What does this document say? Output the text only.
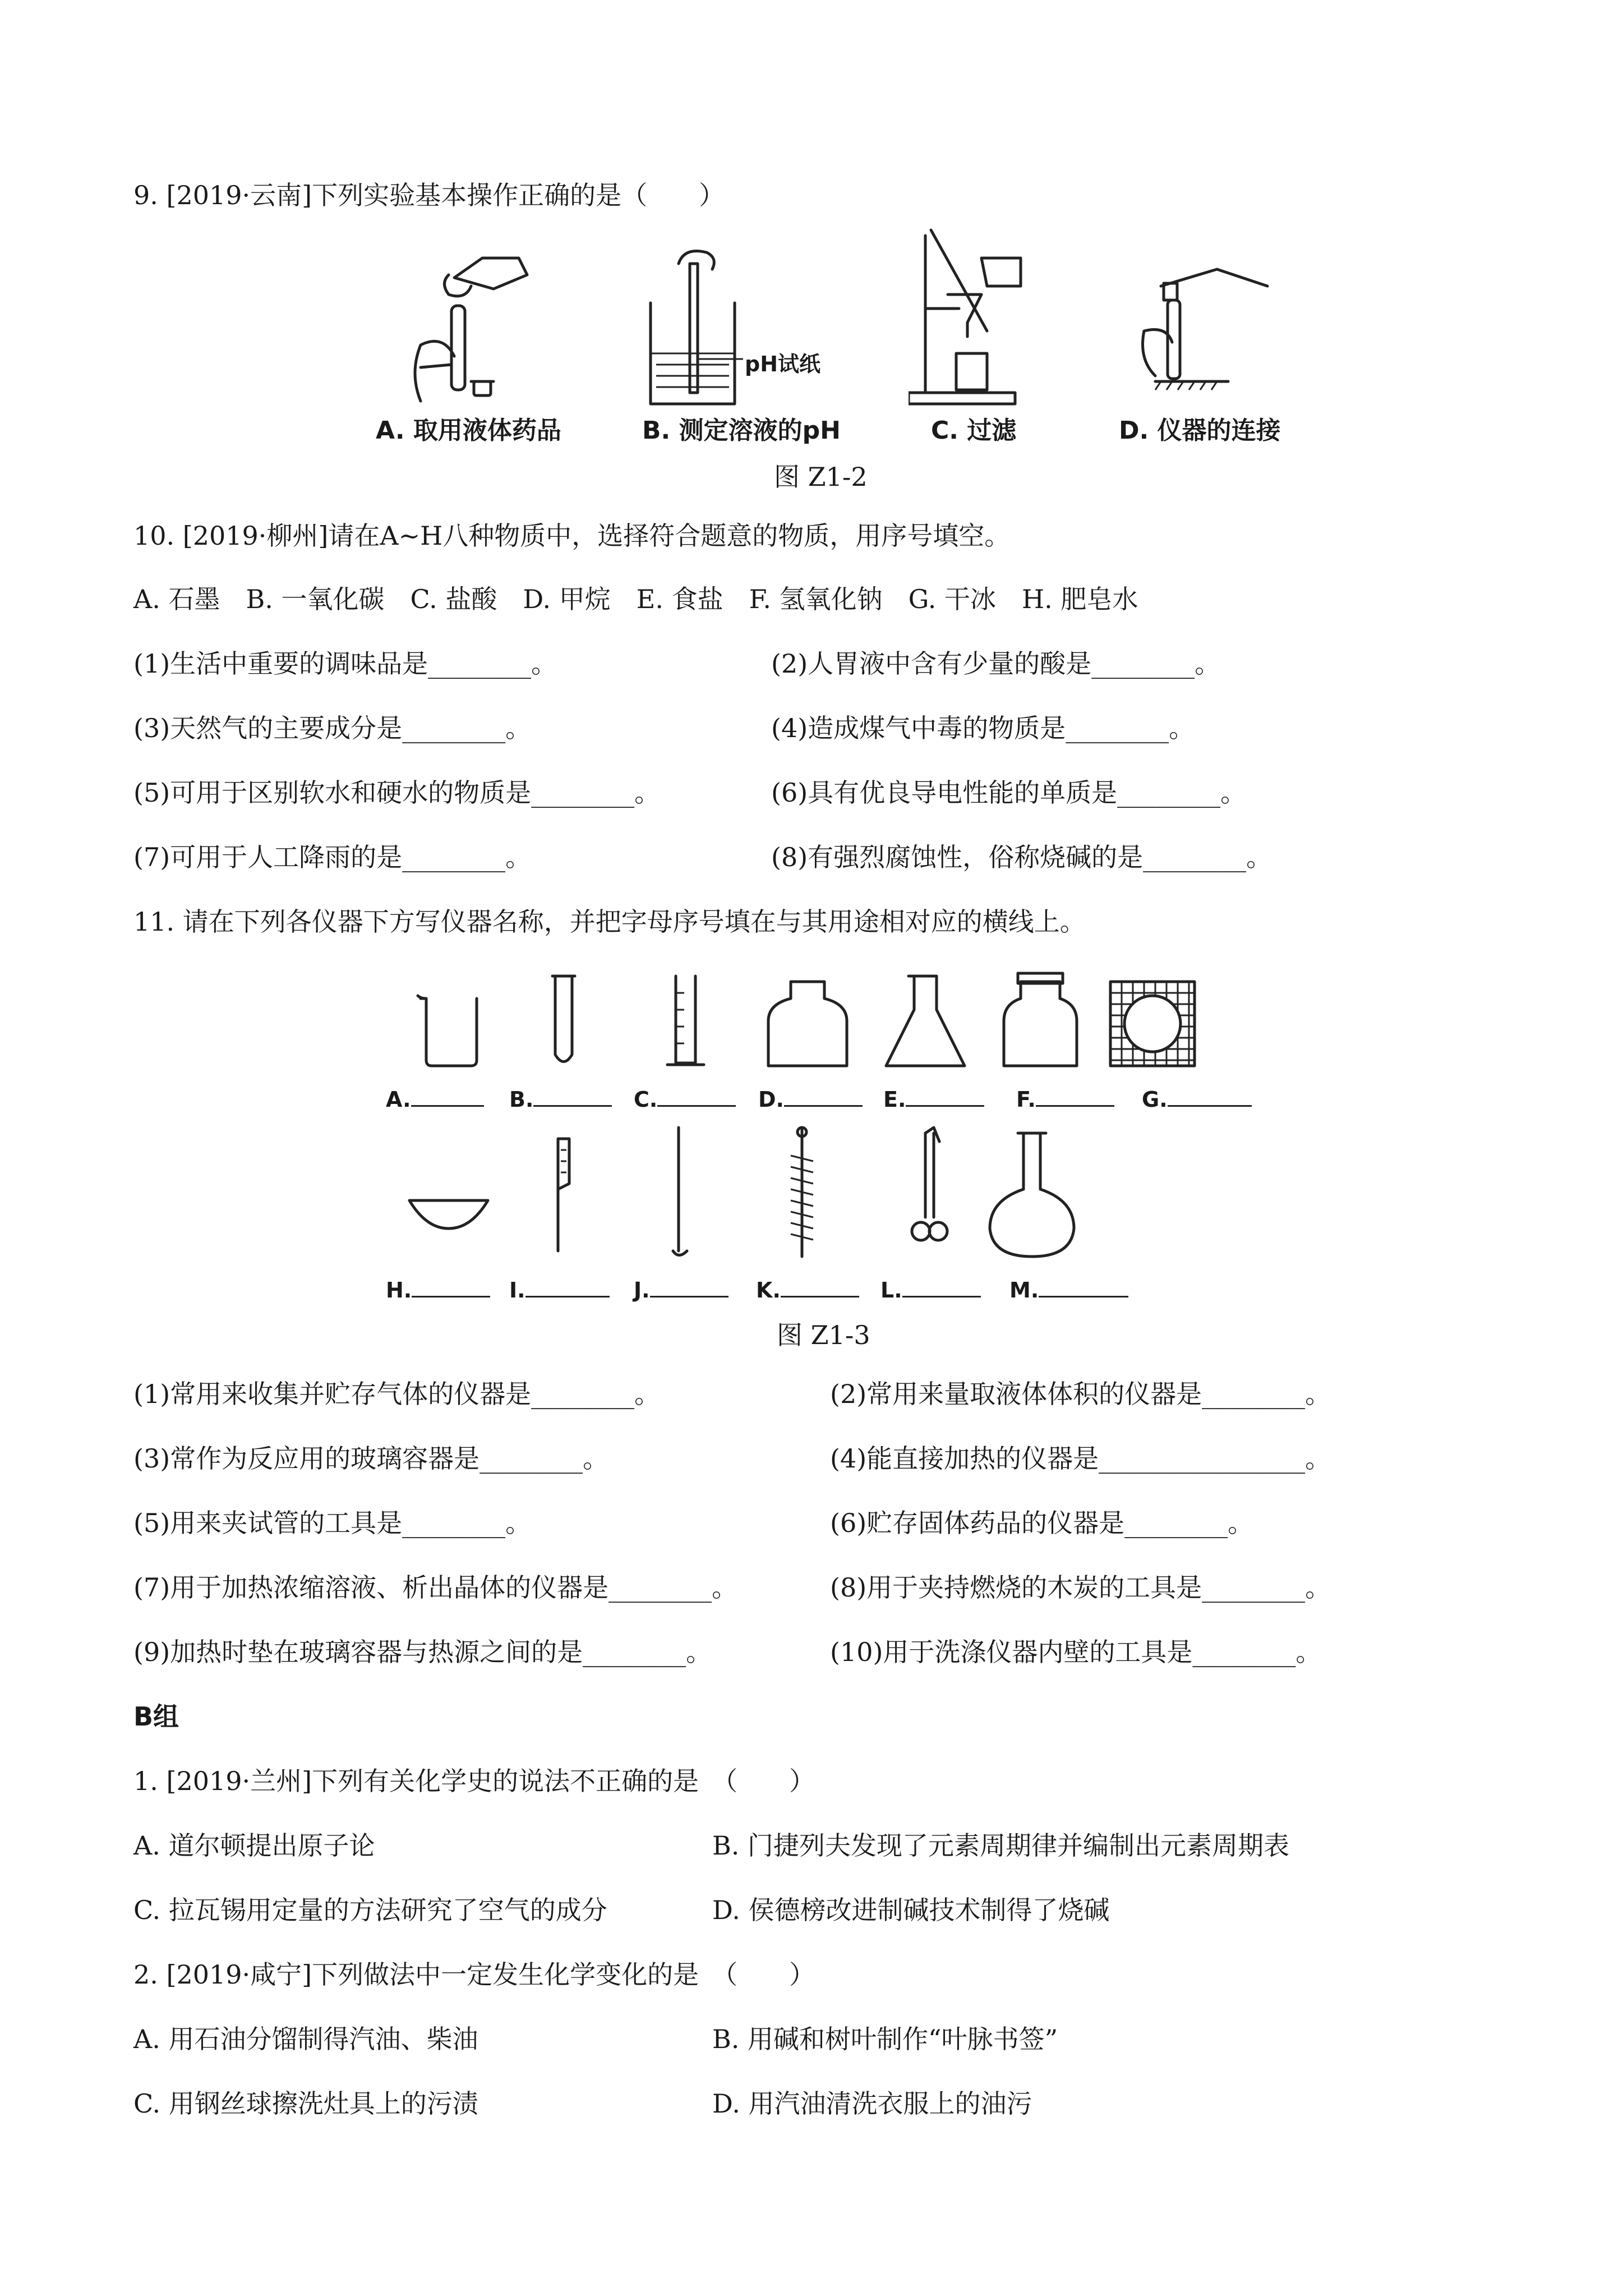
9. [2019·云南]下列实验基本操作正确的是（　　）
pH试纸
A. 取用液体药品	B. 测定溶液的pH	C. 过滤	D. 仪器的连接
图 Z1-2
10. [2019·柳州]请在A~H八种物质中，选择符合题意的物质，用序号填空。
A. 石墨　B. 一氧化碳　C. 盐酸　D. 甲烷　E. 食盐　F. 氢氧化钠　G. 干冰　H. 肥皂水
(1)生活中重要的调味品是________。	(2)人胃液中含有少量的酸是________。
(3)天然气的主要成分是________。	(4)造成煤气中毒的物质是________。
(5)可用于区别软水和硬水的物质是________。	(6)具有优良导电性能的单质是________。
(7)可用于人工降雨的是________。	(8)有强烈腐蚀性，俗称烧碱的是________。
11. 请在下列各仪器下方写仪器名称，并把字母序号填在与其用途相对应的横线上。
A.	B.	C.	D.	E.	F.	G.
H.	I.	J.	K.	L.	M.
图 Z1-3
(1)常用来收集并贮存气体的仪器是________。	(2)常用来量取液体体积的仪器是________。
(3)常作为反应用的玻璃容器是________。	(4)能直接加热的仪器是________________。
(5)用来夹试管的工具是________。	(6)贮存固体药品的仪器是________。
(7)用于加热浓缩溶液、析出晶体的仪器是________。	(8)用于夹持燃烧的木炭的工具是________。
(9)加热时垫在玻璃容器与热源之间的是________。	(10)用于洗涤仪器内壁的工具是________。
B组
1. [2019·兰州]下列有关化学史的说法不正确的是　（　　）
A. 道尔顿提出原子论	B. 门捷列夫发现了元素周期律并编制出元素周期表
C. 拉瓦锡用定量的方法研究了空气的成分	D. 侯德榜改进制碱技术制得了烧碱
2. [2019·咸宁]下列做法中一定发生化学变化的是　（　　）
A. 用石油分馏制得汽油、柴油	B. 用碱和树叶制作“叶脉书签”
C. 用钢丝球擦洗灶具上的污渍	D. 用汽油清洗衣服上的油污
